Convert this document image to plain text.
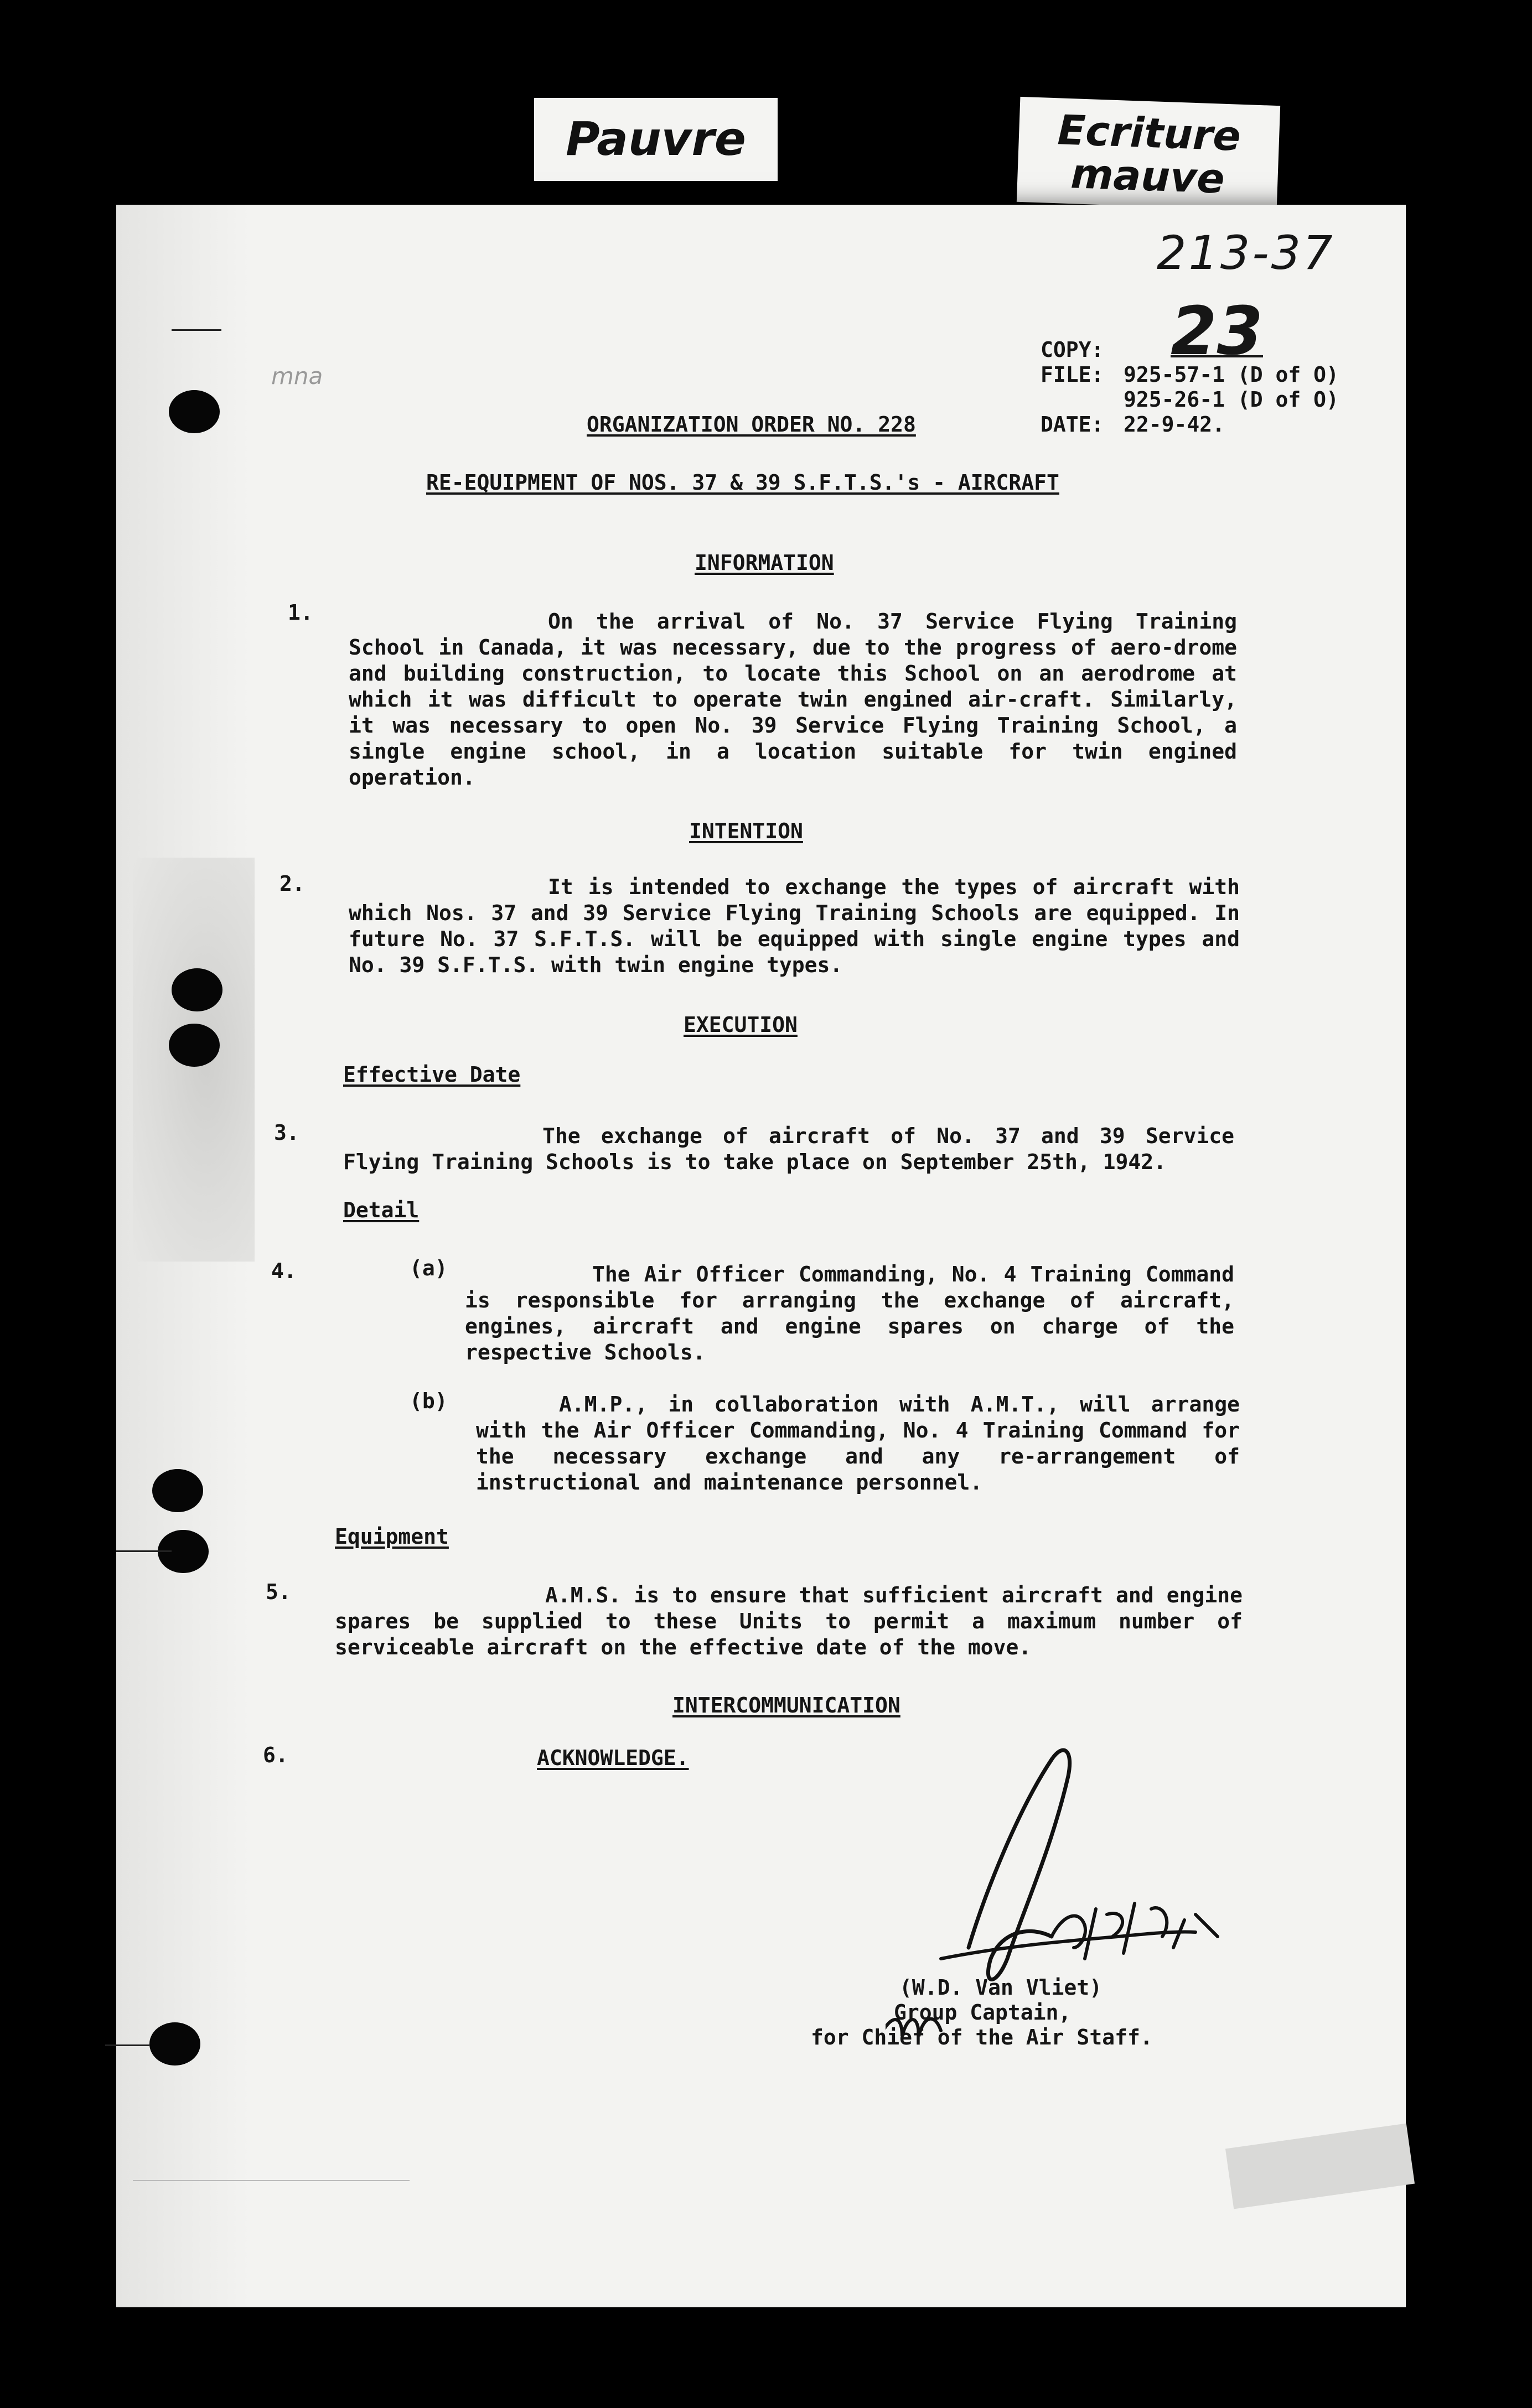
Pauvre	Ecriture mauve
213-37
23
mna
COPY:
FILE: 925-57-1 (D of O)
925-26-1 (D of O)
DATE: 22-9-42.
ORGANIZATION ORDER NO. 228
RE-EQUIPMENT OF NOS. 37 & 39 S.F.T.S.'s - AIRCRAFT
INFORMATION
1.	On the arrival of No. 37 Service Flying Training School in Canada, it was necessary, due to the progress of aero-drome and building construction, to locate this School on an aerodrome at which it was difficult to operate twin engined air-craft. Similarly, it was necessary to open No. 39 Service Flying Training School, a single engine school, in a location suitable for twin engined operation.
INTENTION
2.	It is intended to exchange the types of aircraft with which Nos. 37 and 39 Service Flying Training Schools are equipped. In future No. 37 S.F.T.S. will be equipped with single engine types and No. 39 S.F.T.S. with twin engine types.
EXECUTION
Effective Date
3.	The exchange of aircraft of No. 37 and 39 Service Flying Training Schools is to take place on September 25th, 1942.
Detail
4.	(a)	The Air Officer Commanding, No. 4 Training Command is responsible for arranging the exchange of aircraft, engines, aircraft and engine spares on charge of the respective Schools.
(b)	A.M.P., in collaboration with A.M.T., will arrange with the Air Officer Commanding, No. 4 Training Command for the necessary exchange and any re-arrangement of instructional and maintenance personnel.
Equipment
5.	A.M.S. is to ensure that sufficient aircraft and engine spares be supplied to these Units to permit a maximum number of serviceable aircraft on the effective date of the move.
INTERCOMMUNICATION
6.	ACKNOWLEDGE.
(W.D. Van Vliet)
Group Captain,
for Chief of the Air Staff.
